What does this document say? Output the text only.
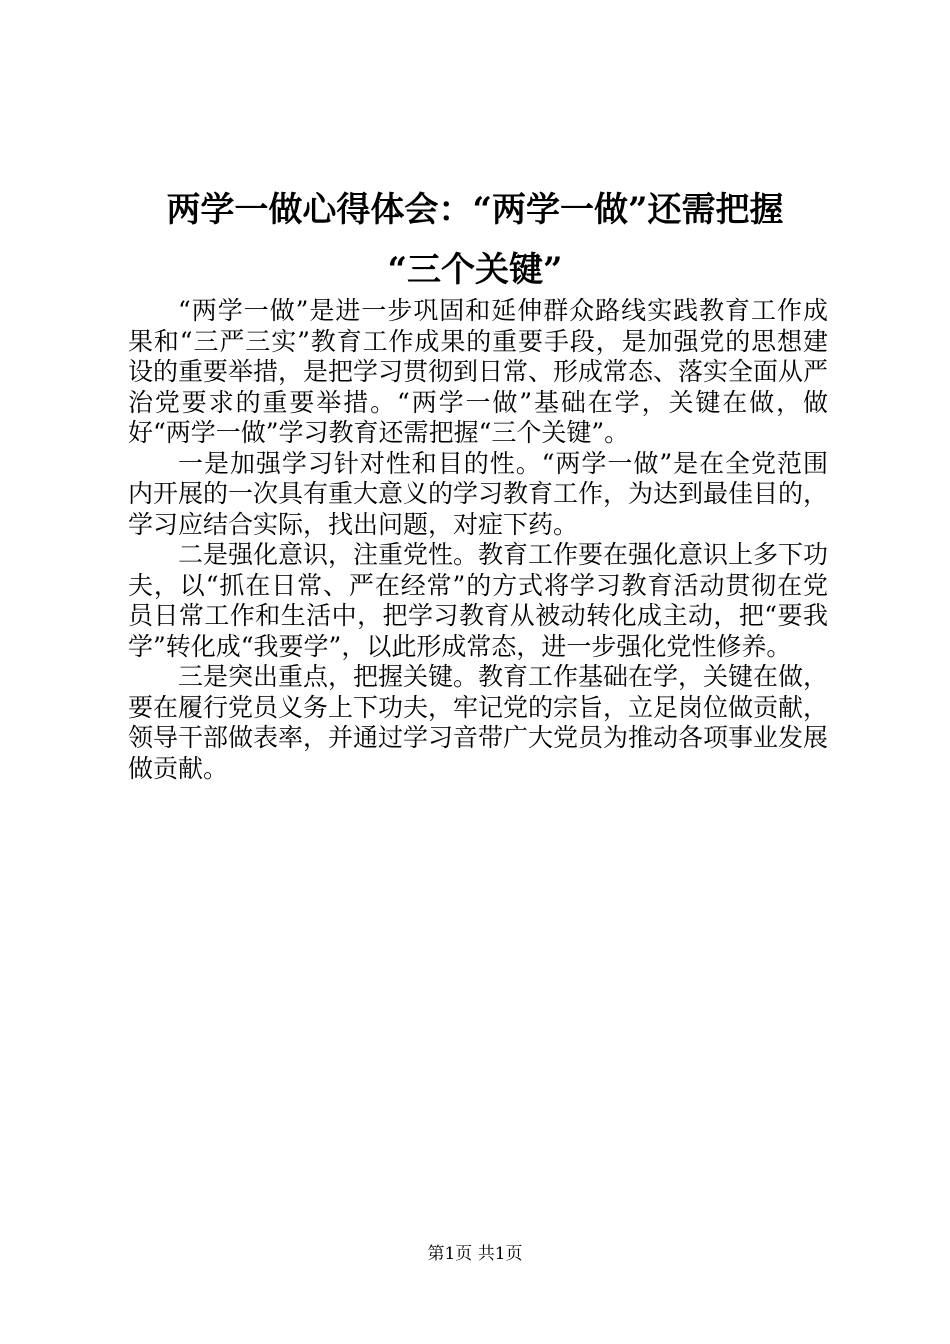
两学一做心得体会：“两学一做”还需把握
“三个关键”

“两学一做”是进一步巩固和延伸群众路线实践教育工作成果和“三严三实”教育工作成果的重要手段，是加强党的思想建设的重要举措，是把学习贯彻到日常、形成常态、落实全面从严治党要求的重要举措。“两学一做”基础在学，关键在做，做好“两学一做”学习教育还需把握“三个关键”。

一是加强学习针对性和目的性。“两学一做”是在全党范围内开展的一次具有重大意义的学习教育工作，为达到最佳目的，学习应结合实际，找出问题，对症下药。

二是强化意识，注重党性。教育工作要在强化意识上多下功夫，以“抓在日常、严在经常”的方式将学习教育活动贯彻在党员日常工作和生活中，把学习教育从被动转化成主动，把“要我学”转化成“我要学”，以此形成常态，进一步强化党性修养。

三是突出重点，把握关键。教育工作基础在学，关键在做，要在履行党员义务上下功夫，牢记党的宗旨，立足岗位做贡献，领导干部做表率，并通过学习音带广大党员为推动各项事业发展做贡献。

第1页 共1页
